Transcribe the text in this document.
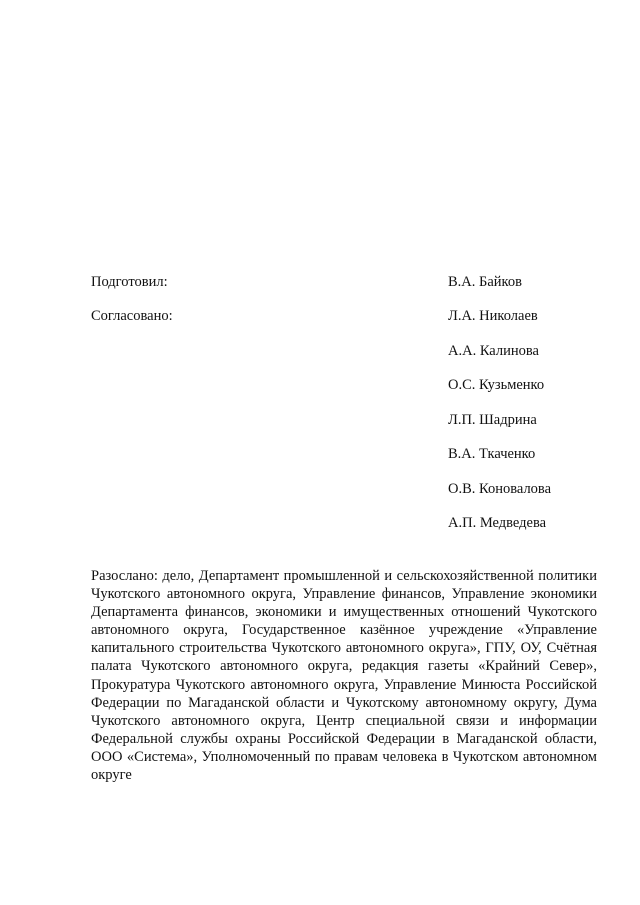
Подготовил:	В.А. Байков
Согласовано:	Л.А. Николаев
А.А. Калинова
О.С. Кузьменко
Л.П. Шадрина
В.А. Ткаченко
О.В. Коновалова
А.П. Медведева

Разослано: дело, Департамент промышленной и сельскохозяйственной политики Чукотского автономного округа, Управление финансов, Управление экономики Департамента финансов, экономики и имущественных отношений Чукотского автономного округа, Государственное казённое учреждение «Управление капитального строительства Чукотского автономного округа», ГПУ, ОУ, Счётная палата Чукотского автономного округа, редакция газеты «Крайний Север», Прокуратура Чукотского автономного округа, Управление Минюста Российской Федерации по Магаданской области и Чукотскому автономному округу, Дума Чукотского автономного округа, Центр специальной связи и информации Федеральной службы охраны Российской Федерации в Магаданской области, ООО «Система», Уполномоченный по правам человека в Чукотском автономном округе
